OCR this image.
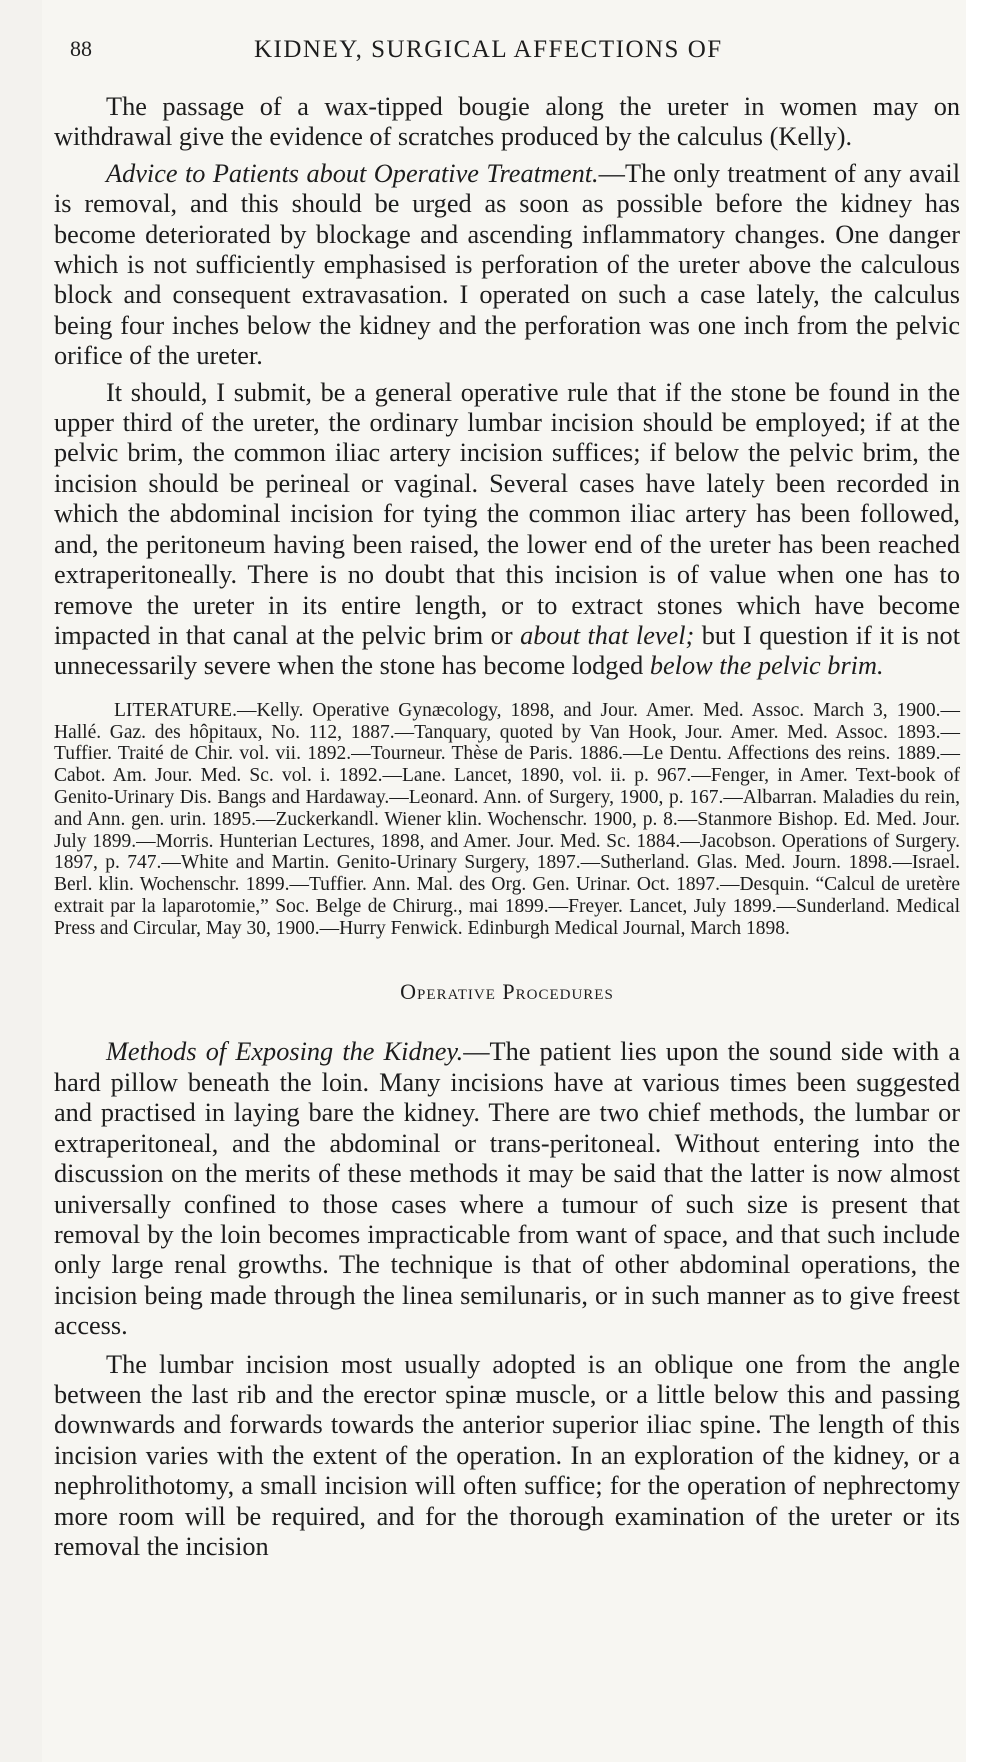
88	KIDNEY, SURGICAL AFFECTIONS OF

The passage of a wax-tipped bougie along the ureter in women may on withdrawal give the evidence of scratches produced by the calculus (Kelly).

Advice to Patients about Operative Treatment.—The only treatment of any avail is removal, and this should be urged as soon as possible before the kidney has become deteriorated by blockage and ascending inflammatory changes. One danger which is not sufficiently emphasised is perforation of the ureter above the calculous block and consequent extravasation. I operated on such a case lately, the calculus being four inches below the kidney and the perforation was one inch from the pelvic orifice of the ureter.

It should, I submit, be a general operative rule that if the stone be found in the upper third of the ureter, the ordinary lumbar incision should be employed; if at the pelvic brim, the common iliac artery incision suffices; if below the pelvic brim, the incision should be perineal or vaginal. Several cases have lately been recorded in which the abdominal incision for tying the common iliac artery has been followed, and, the peritoneum having been raised, the lower end of the ureter has been reached extraperitoneally. There is no doubt that this incision is of value when one has to remove the ureter in its entire length, or to extract stones which have become impacted in that canal at the pelvic brim or about that level; but I question if it is not unnecessarily severe when the stone has become lodged below the pelvic brim.

LITERATURE.—Kelly. Operative Gynæcology, 1898, and Jour. Amer. Med. Assoc. March 3, 1900.—Hallé. Gaz. des hôpitaux, No. 112, 1887.—Tanquary, quoted by Van Hook, Jour. Amer. Med. Assoc. 1893.—Tuffier. Traité de Chir. vol. vii. 1892.—Tourneur. Thèse de Paris. 1886.—Le Dentu. Affections des reins. 1889.—Cabot. Am. Jour. Med. Sc. vol. i. 1892.—Lane. Lancet, 1890, vol. ii. p. 967.—Fenger, in Amer. Text-book of Genito-Urinary Dis. Bangs and Hardaway.—Leonard. Ann. of Surgery, 1900, p. 167.—Albarran. Maladies du rein, and Ann. gen. urin. 1895.—Zuckerkandl. Wiener klin. Wochenschr. 1900, p. 8.—Stanmore Bishop. Ed. Med. Jour. July 1899.—Morris. Hunterian Lectures, 1898, and Amer. Jour. Med. Sc. 1884.—Jacobson. Operations of Surgery. 1897, p. 747.—White and Martin. Genito-Urinary Surgery, 1897.—Sutherland. Glas. Med. Journ. 1898.—Israel. Berl. klin. Wochenschr. 1899.—Tuffier. Ann. Mal. des Org. Gen. Urinar. Oct. 1897.—Desquin. “Calcul de uretère extrait par la laparotomie,” Soc. Belge de Chirurg., mai 1899.—Freyer. Lancet, July 1899.—Sunderland. Medical Press and Circular, May 30, 1900.—Hurry Fenwick. Edinburgh Medical Journal, March 1898.

Operative Procedures

Methods of Exposing the Kidney.—The patient lies upon the sound side with a hard pillow beneath the loin. Many incisions have at various times been suggested and practised in laying bare the kidney. There are two chief methods, the lumbar or extraperitoneal, and the abdominal or trans-peritoneal. Without entering into the discussion on the merits of these methods it may be said that the latter is now almost universally confined to those cases where a tumour of such size is present that removal by the loin becomes impracticable from want of space, and that such include only large renal growths. The technique is that of other abdominal operations, the incision being made through the linea semilunaris, or in such manner as to give freest access.

The lumbar incision most usually adopted is an oblique one from the angle between the last rib and the erector spinæ muscle, or a little below this and passing downwards and forwards towards the anterior superior iliac spine. The length of this incision varies with the extent of the operation. In an exploration of the kidney, or a nephrolithotomy, a small incision will often suffice; for the operation of nephrectomy more room will be required, and for the thorough examination of the ureter or its removal the incision
